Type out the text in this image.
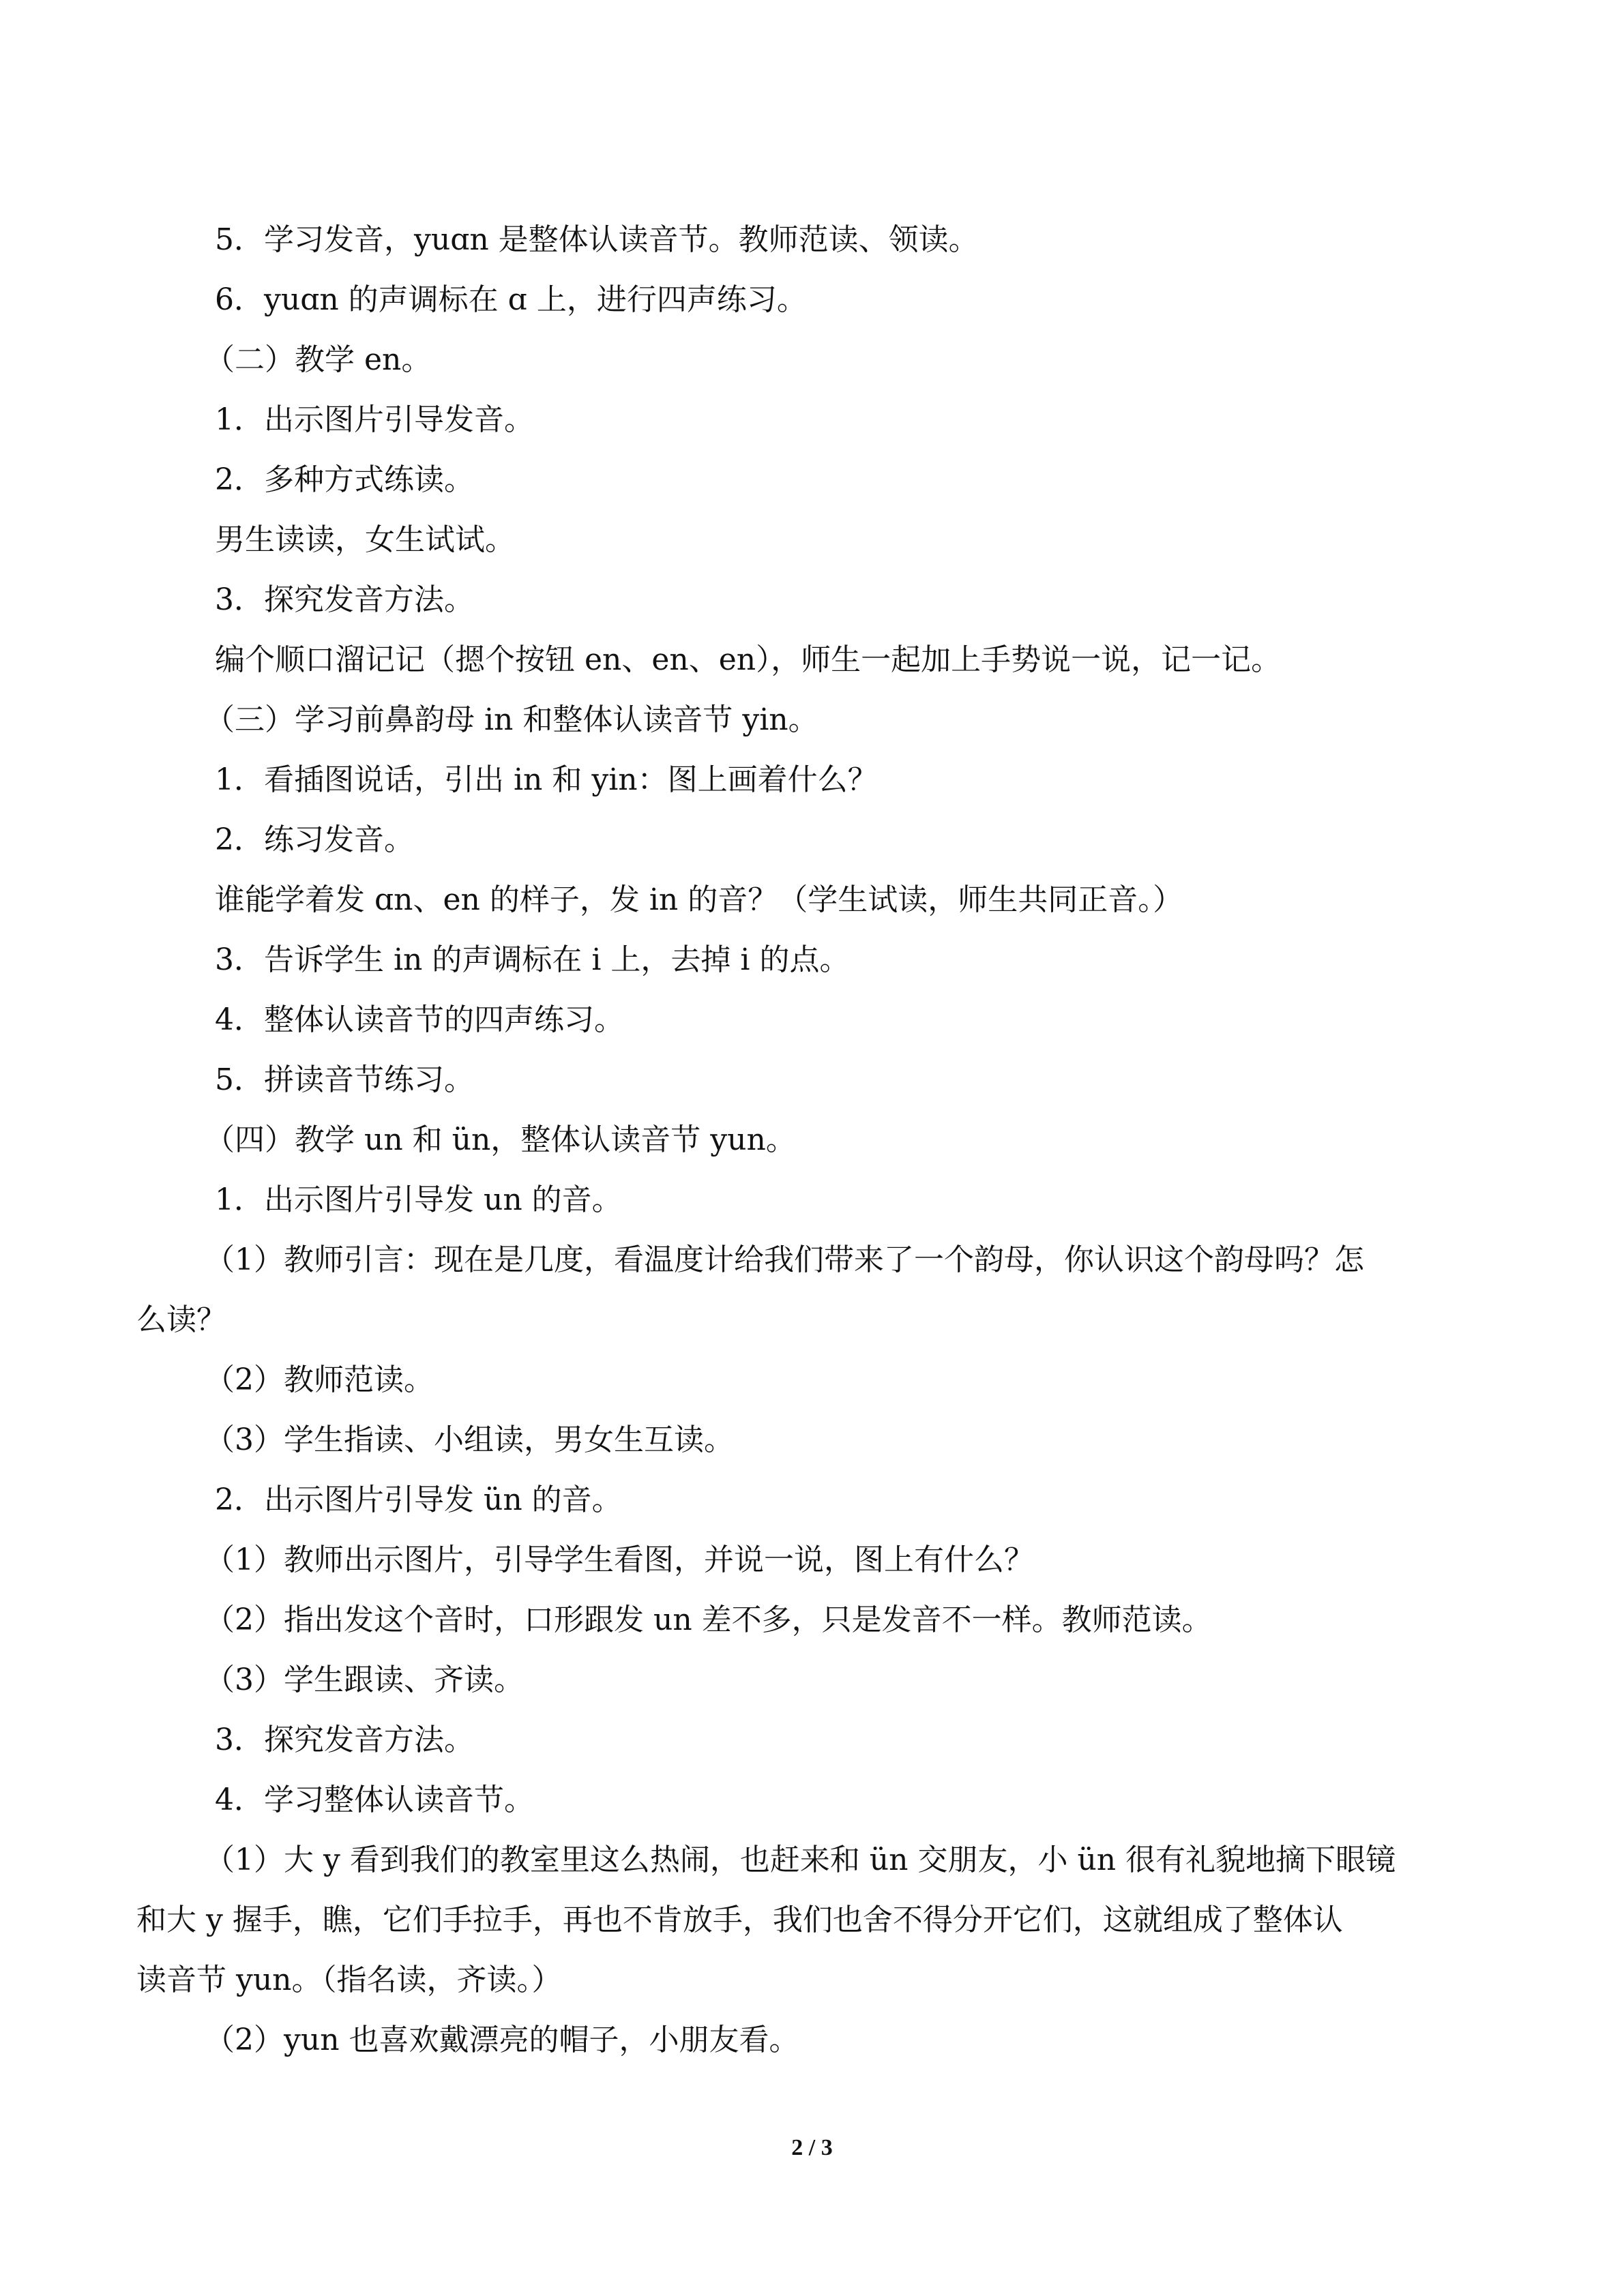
5．学习发音，yuɑn 是整体认读音节。教师范读、领读。

6．yuɑn 的声调标在 ɑ 上，进行四声练习。

（二）教学 en。

1．出示图片引导发音。

2．多种方式练读。

男生读读，女生试试。

3．探究发音方法。

编个顺口溜记记（摁个按钮 en、en、en），师生一起加上手势说一说，记一记。

（三）学习前鼻韵母 in 和整体认读音节 yin。

1．看插图说话，引出 in 和 yin：图上画着什么？

2．练习发音。

谁能学着发 ɑn、en 的样子，发 in 的音？（学生试读，师生共同正音。）

3．告诉学生 in 的声调标在 i 上，去掉 i 的点。

4．整体认读音节的四声练习。

5．拼读音节练习。

（四）教学 un 和 ün，整体认读音节 yun。

1．出示图片引导发 un 的音。

（1）教师引言：现在是几度，看温度计给我们带来了一个韵母，你认识这个韵母吗？怎

么读？

（2）教师范读。

（3）学生指读、小组读，男女生互读。

2．出示图片引导发 ün 的音。

（1）教师出示图片，引导学生看图，并说一说，图上有什么？

（2）指出发这个音时，口形跟发 un 差不多，只是发音不一样。教师范读。

（3）学生跟读、齐读。

3．探究发音方法。

4．学习整体认读音节。

（1）大 y 看到我们的教室里这么热闹，也赶来和 ün 交朋友，小 ün 很有礼貌地摘下眼镜

和大 y 握手，瞧，它们手拉手，再也不肯放手，我们也舍不得分开它们，这就组成了整体认

读音节 yun。（指名读，齐读。）

（2）yun 也喜欢戴漂亮的帽子，小朋友看。

2 / 3
